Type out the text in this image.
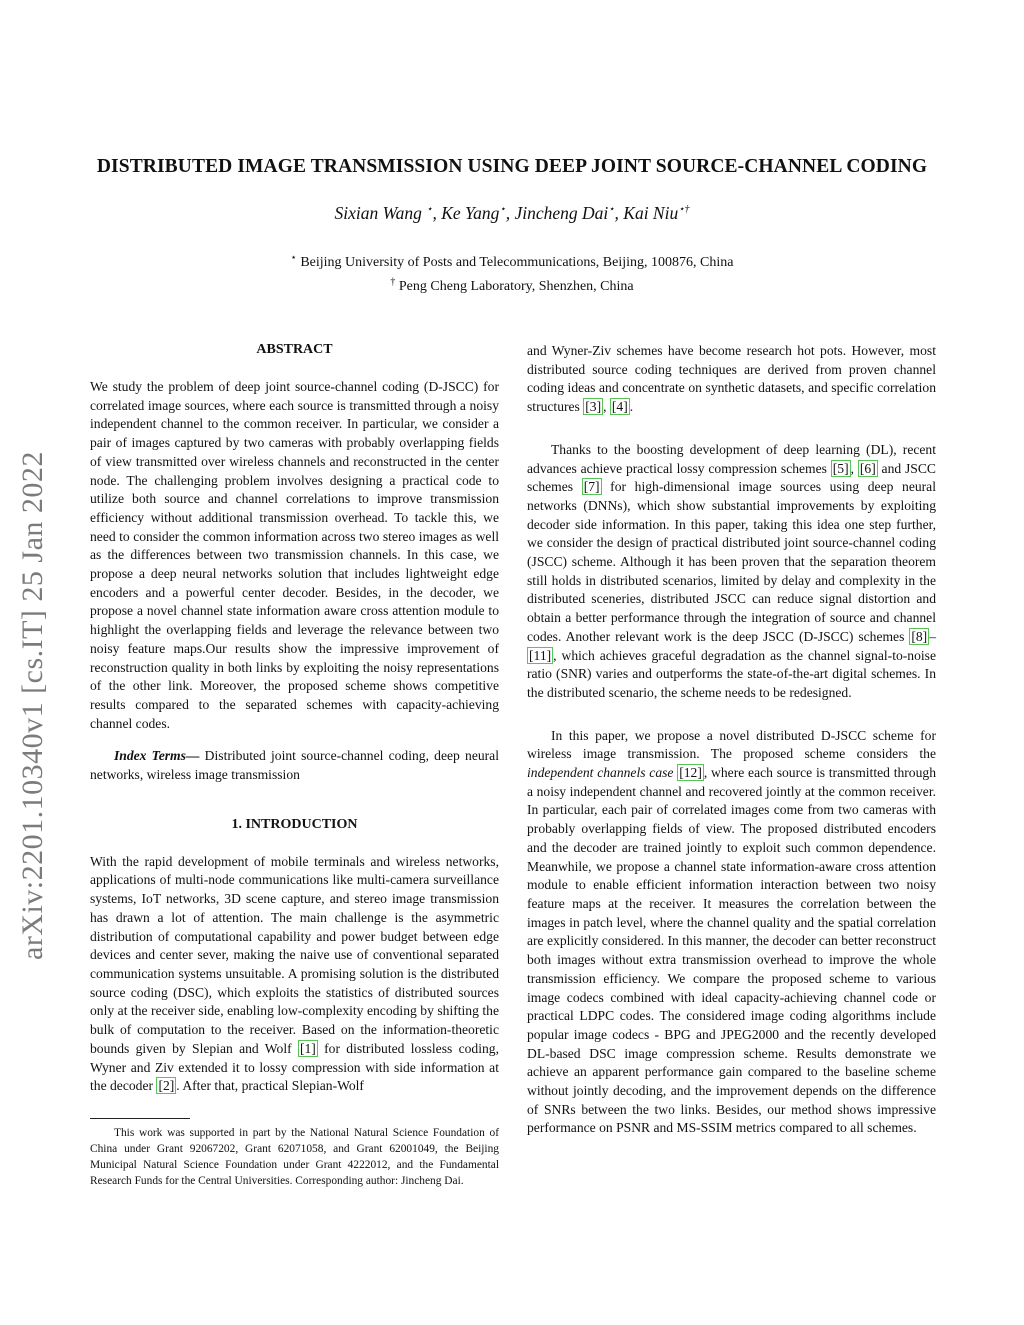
arXiv:2201.10340v1 [cs.IT] 25 Jan 2022
DISTRIBUTED IMAGE TRANSMISSION USING DEEP JOINT SOURCE-CHANNEL CODING
Sixian Wang ⋆, Ke Yang⋆, Jincheng Dai⋆, Kai Niu⋆†
⋆ Beijing University of Posts and Telecommunications, Beijing, 100876, China
† Peng Cheng Laboratory, Shenzhen, China
ABSTRACT

We study the problem of deep joint source-channel coding (D-JSCC) for correlated image sources, where each source is transmitted through a noisy independent channel to the common receiver. In particular, we consider a pair of images captured by two cameras with probably overlapping fields of view transmitted over wireless channels and reconstructed in the center node. The challenging problem involves designing a practical code to utilize both source and channel correlations to improve transmission efficiency without additional transmission overhead. To tackle this, we need to consider the common information across two stereo images as well as the differences between two transmission channels. In this case, we propose a deep neural networks solution that includes lightweight edge encoders and a powerful center decoder. Besides, in the decoder, we propose a novel channel state information aware cross attention module to highlight the overlapping fields and leverage the relevance between two noisy feature maps.Our results show the impressive improvement of reconstruction quality in both links by exploiting the noisy representations of the other link. Moreover, the proposed scheme shows competitive results compared to the separated schemes with capacity-achieving channel codes.

Index Terms— Distributed joint source-channel coding, deep neural networks, wireless image transmission

1. INTRODUCTION

With the rapid development of mobile terminals and wireless networks, applications of multi-node communications like multi-camera surveillance systems, IoT networks, 3D scene capture, and stereo image transmission has drawn a lot of attention. The main challenge is the asymmetric distribution of computational capability and power budget between edge devices and center sever, making the naive use of conventional separated communication systems unsuitable. A promising solution is the distributed source coding (DSC), which exploits the statistics of distributed sources only at the receiver side, enabling low-complexity encoding by shifting the bulk of computation to the receiver. Based on the information-theoretic bounds given by Slepian and Wolf [1] for distributed lossless coding, Wyner and Ziv extended it to lossy compression with side information at the decoder [2] . After that, practical Slepian-Wolf

This work was supported in part by the National Natural Science Foundation of China under Grant 92067202, Grant 62071058, and Grant 62001049, the Beijing Municipal Natural Science Foundation under Grant 4222012, and the Fundamental Research Funds for the Central Universities. Corresponding author: Jincheng Dai.

and Wyner-Ziv schemes have become research hot pots. However, most distributed source coding techniques are derived from proven channel coding ideas and concentrate on synthetic datasets, and specific correlation structures [3] , [4] .

Thanks to the boosting development of deep learning (DL), recent advances achieve practical lossy compression schemes [5] , [6] and JSCC schemes [7] for high-dimensional image sources using deep neural networks (DNNs), which show substantial improvements by exploiting decoder side information. In this paper, taking this idea one step further, we consider the design of practical distributed joint source-channel coding (JSCC) scheme. Although it has been proven that the separation theorem still holds in distributed scenarios, limited by delay and complexity in the distributed sceneries, distributed JSCC can reduce signal distortion and obtain a better performance through the integration of source and channel codes. Another relevant work is the deep JSCC (D-JSCC) schemes [8] –[11] , which achieves graceful degradation as the channel signal-to-noise ratio (SNR) varies and outperforms the state-of-the-art digital schemes. In the distributed scenario, the scheme needs to be redesigned.

In this paper, we propose a novel distributed D-JSCC scheme for wireless image transmission. The proposed scheme considers the independent channels case [12] , where each source is transmitted through a noisy independent channel and recovered jointly at the common receiver. In particular, each pair of correlated images come from two cameras with probably overlapping fields of view. The proposed distributed encoders and the decoder are trained jointly to exploit such common dependence. Meanwhile, we propose a channel state information-aware cross attention module to enable efficient information interaction between two noisy feature maps at the receiver. It measures the correlation between the images in patch level, where the channel quality and the spatial correlation are explicitly considered. In this manner, the decoder can better reconstruct both images without extra transmission overhead to improve the whole transmission efficiency. We compare the proposed scheme to various image codecs combined with ideal capacity-achieving channel code or practical LDPC codes. The considered image coding algorithms include popular image codecs - BPG and JPEG2000 and the recently developed DL-based DSC image compression scheme. Results demonstrate we achieve an apparent performance gain compared to the baseline scheme without jointly decoding, and the improvement depends on the difference of SNRs between the two links. Besides, our method shows impressive performance on PSNR and MS-SSIM metrics compared to all schemes.
